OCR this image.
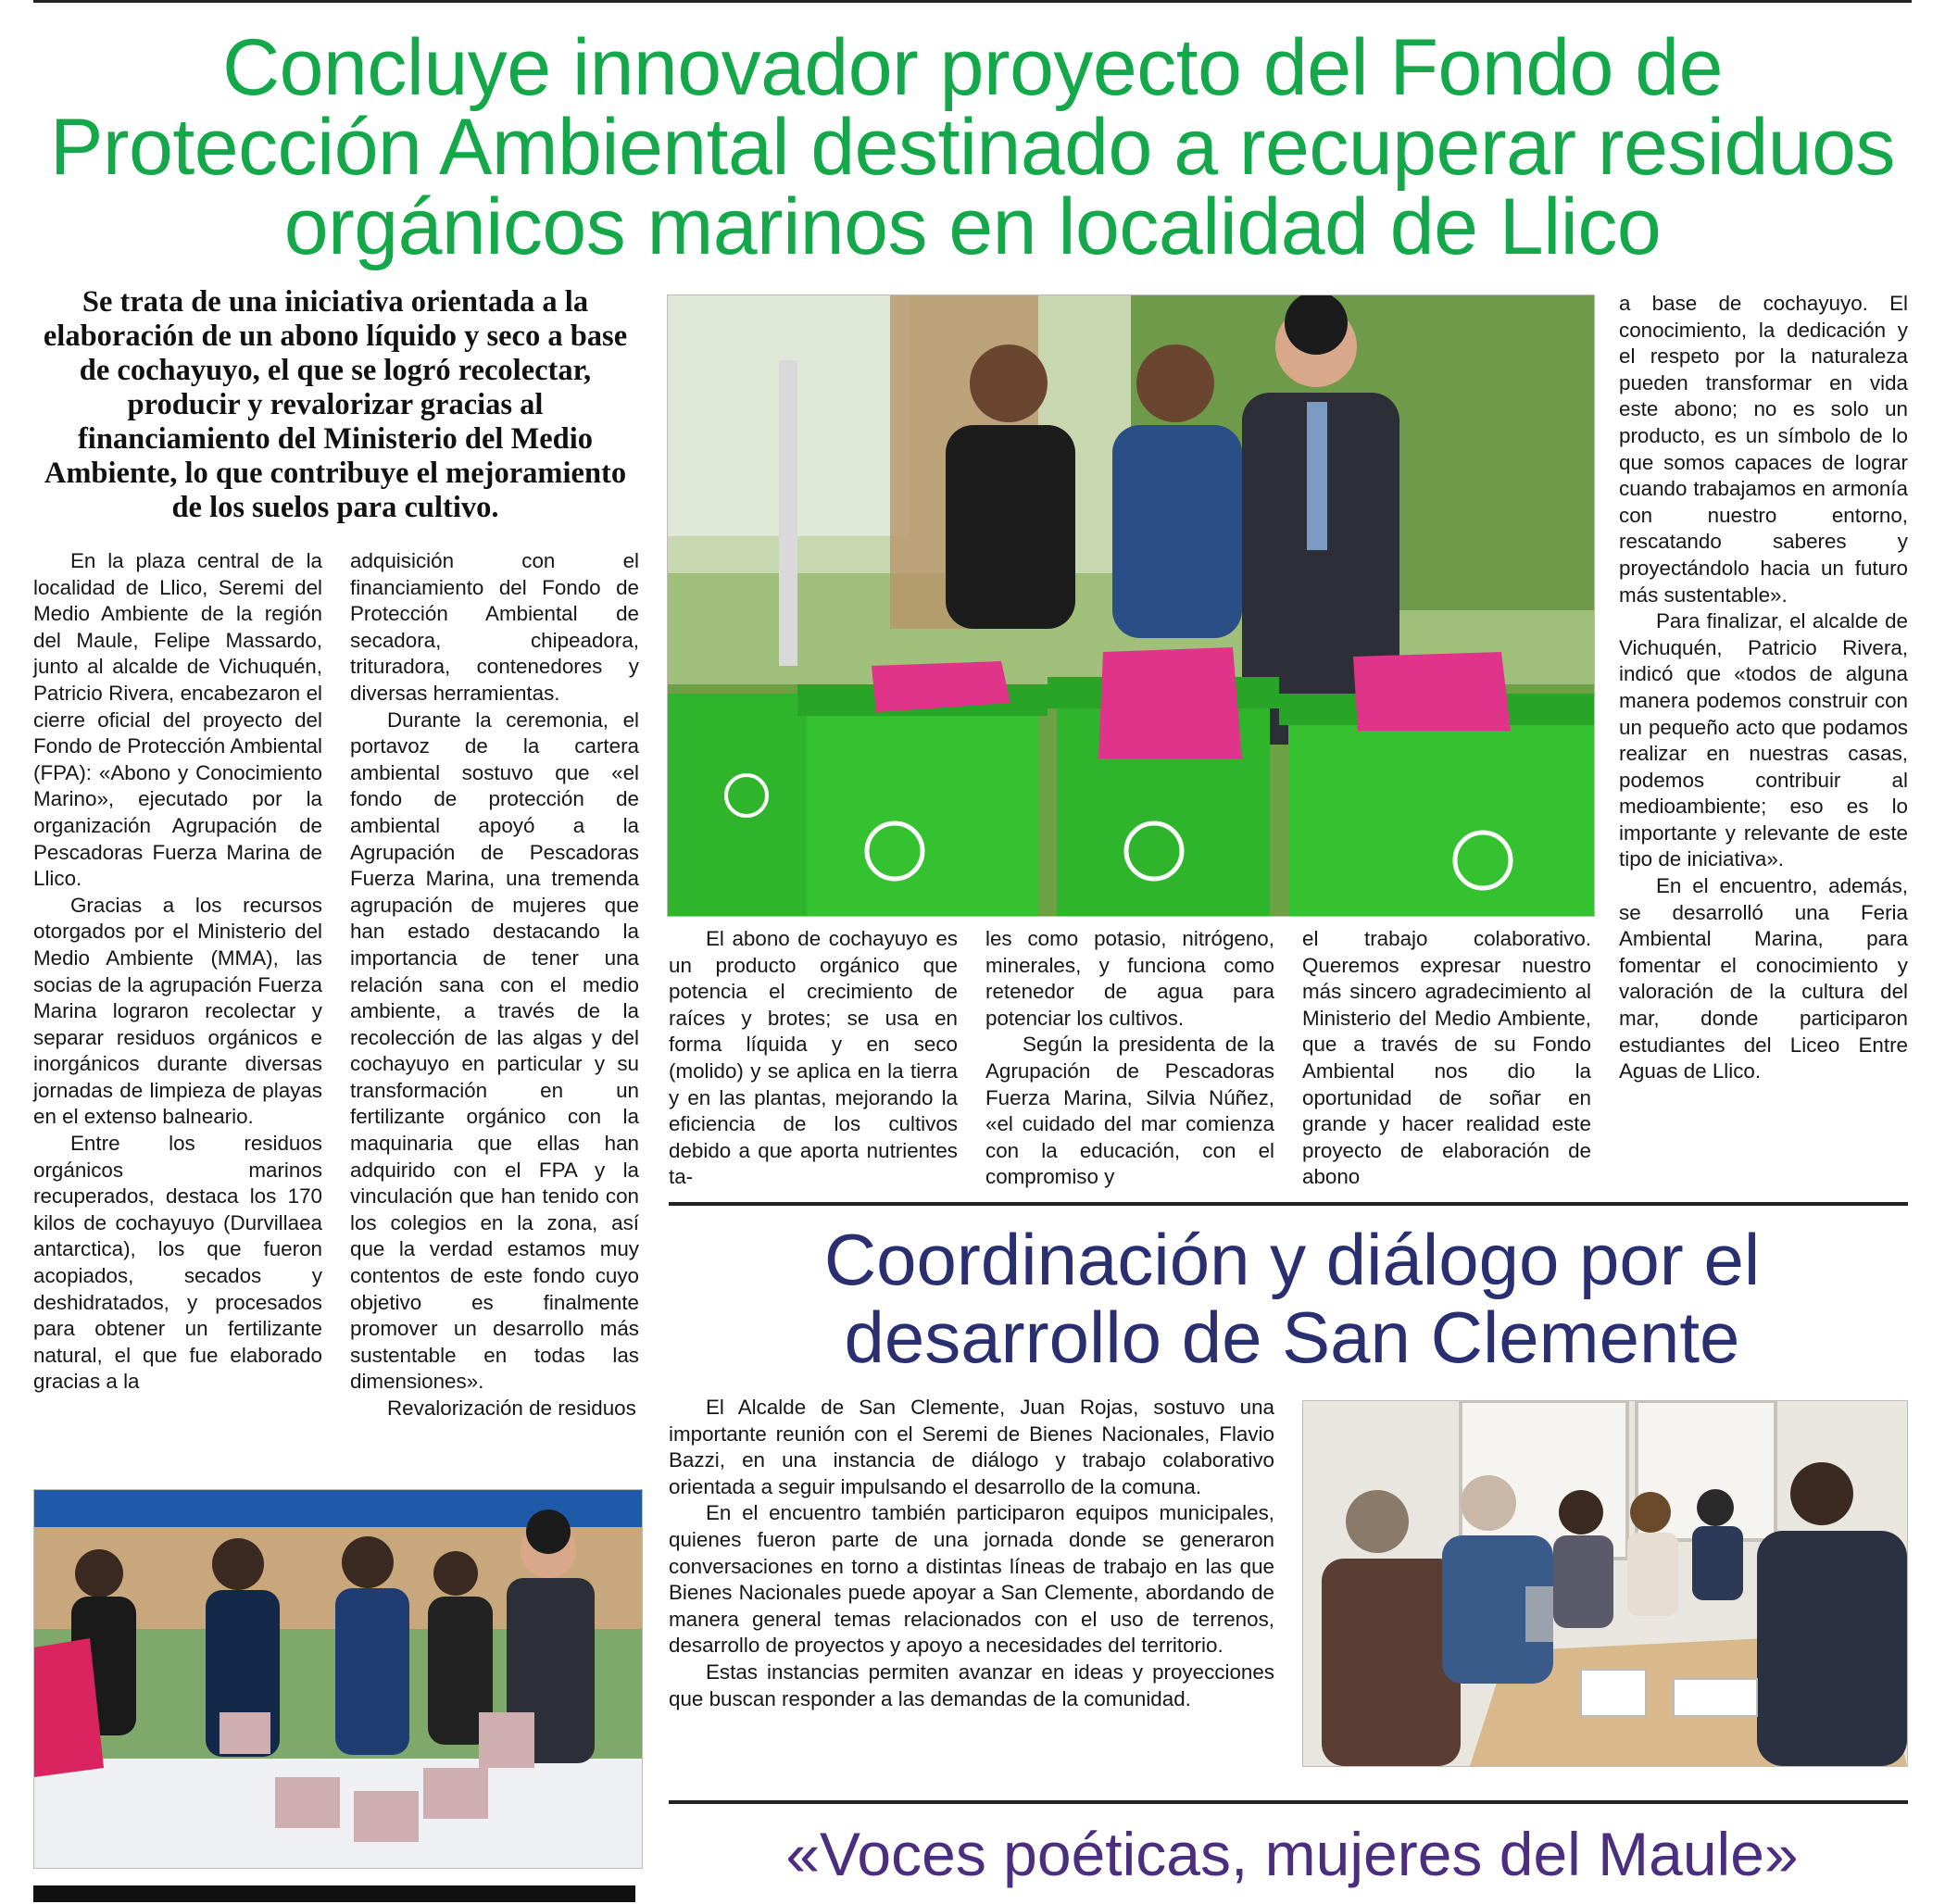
Concluye innovador proyecto del Fondo de Protección Ambiental destinado a recuperar residuos orgánicos marinos en localidad de Llico
Se trata de una iniciativa orientada a la elaboración de un abono líquido y seco a base de cochayuyo, el que se logró recolectar, producir y revalorizar gracias al financiamiento del Ministerio del Medio Ambiente, lo que contribuye el mejoramiento de los suelos para cultivo.

En la plaza central de la localidad de Llico, Seremi del Medio Ambiente de la región del Maule, Felipe Massardo, junto al alcalde de Vichuquén, Patricio Rivera, encabezaron el cierre oficial del proyecto del Fondo de Protección Ambiental (FPA): «Abono y Conocimiento Marino», ejecutado por la organización Agrupación de Pescadoras Fuerza Marina de Llico.

Gracias a los recursos otorgados por el Ministerio del Medio Ambiente (MMA), las socias de la agrupación Fuerza Marina lograron recolectar y separar residuos orgánicos e inorgánicos durante diversas jornadas de limpieza de playas en el extenso balneario.

Entre los residuos orgánicos marinos recuperados, destaca los 170 kilos de cochayuyo (Durvillaea antarctica), los que fueron acopiados, secados y deshidratados, y procesados para obtener un fertilizante natural, el que fue elaborado gracias a la

adquisición con el financiamiento del Fondo de Protección Ambiental de secadora, chipeadora, trituradora, contenedores y diversas herramientas.

Durante la ceremonia, el portavoz de la cartera ambiental sostuvo que «el fondo de protección de ambiental apoyó a la Agrupación de Pescadoras Fuerza Marina, una tremenda agrupación de mujeres que han estado destacando la importancia de tener una relación sana con el medio ambiente, a través de la recolección de las algas y del cochayuyo en particular y su transformación en un fertilizante orgánico con la maquinaria que ellas han adquirido con el FPA y la vinculación que han tenido con los colegios en la zona, así que la verdad estamos muy contentos de este fondo cuyo objetivo es finalmente promover un desarrollo más sustentable en todas las dimensiones».

Revalorización de residuos

El abono de cochayuyo es un producto orgánico que potencia el crecimiento de raíces y brotes; se usa en forma líquida y en seco (molido) y se aplica en la tierra y en las plantas, mejorando la eficiencia de los cultivos debido a que aporta nutrientes ta-

les como potasio, nitrógeno, minerales, y funciona como retenedor de agua para potenciar los cultivos.

Según la presidenta de la Agrupación de Pescadoras Fuerza Marina, Silvia Núñez, «el cuidado del mar comienza con la educación, con el compromiso y

el trabajo colaborativo. Queremos expresar nuestro más sincero agradecimiento al Ministerio del Medio Ambiente, que a través de su Fondo Ambiental nos dio la oportunidad de soñar en grande y hacer realidad este proyecto de elaboración de abono

a base de cochayuyo. El conocimiento, la dedicación y el respeto por la naturaleza pueden transformar en vida este abono; no es solo un producto, es un símbolo de lo que somos capaces de lograr cuando trabajamos en armonía con nuestro entorno, rescatando saberes y proyectándolo hacia un futuro más sustentable».

Para finalizar, el alcalde de Vichuquén, Patricio Rivera, indicó que «todos de alguna manera podemos construir con un pequeño acto que podamos realizar en nuestras casas, podemos contribuir al medioambiente; eso es lo importante y relevante de este tipo de iniciativa».

En el encuentro, además, se desarrolló una Feria Ambiental Marina, para fomentar el conocimiento y valoración de la cultura del mar, donde participaron estudiantes del Liceo Entre Aguas de Llico.

Coordinación y diálogo por el desarrollo de San Clemente

El Alcalde de San Clemente, Juan Rojas, sostuvo una importante reunión con el Seremi de Bienes Nacionales, Flavio Bazzi, en una instancia de diálogo y trabajo colaborativo orientada a seguir impulsando el desarrollo de la comuna.

En el encuentro también participaron equipos municipales, quienes fueron parte de una jornada donde se generaron conversaciones en torno a distintas líneas de trabajo en las que Bienes Nacionales puede apoyar a San Clemente, abordando de manera general temas relacionados con el uso de terrenos, desarrollo de proyectos y apoyo a necesidades del territorio.

Estas instancias permiten avanzar en ideas y proyecciones que buscan responder a las demandas de la comunidad.

«Voces poéticas, mujeres del Maule»
